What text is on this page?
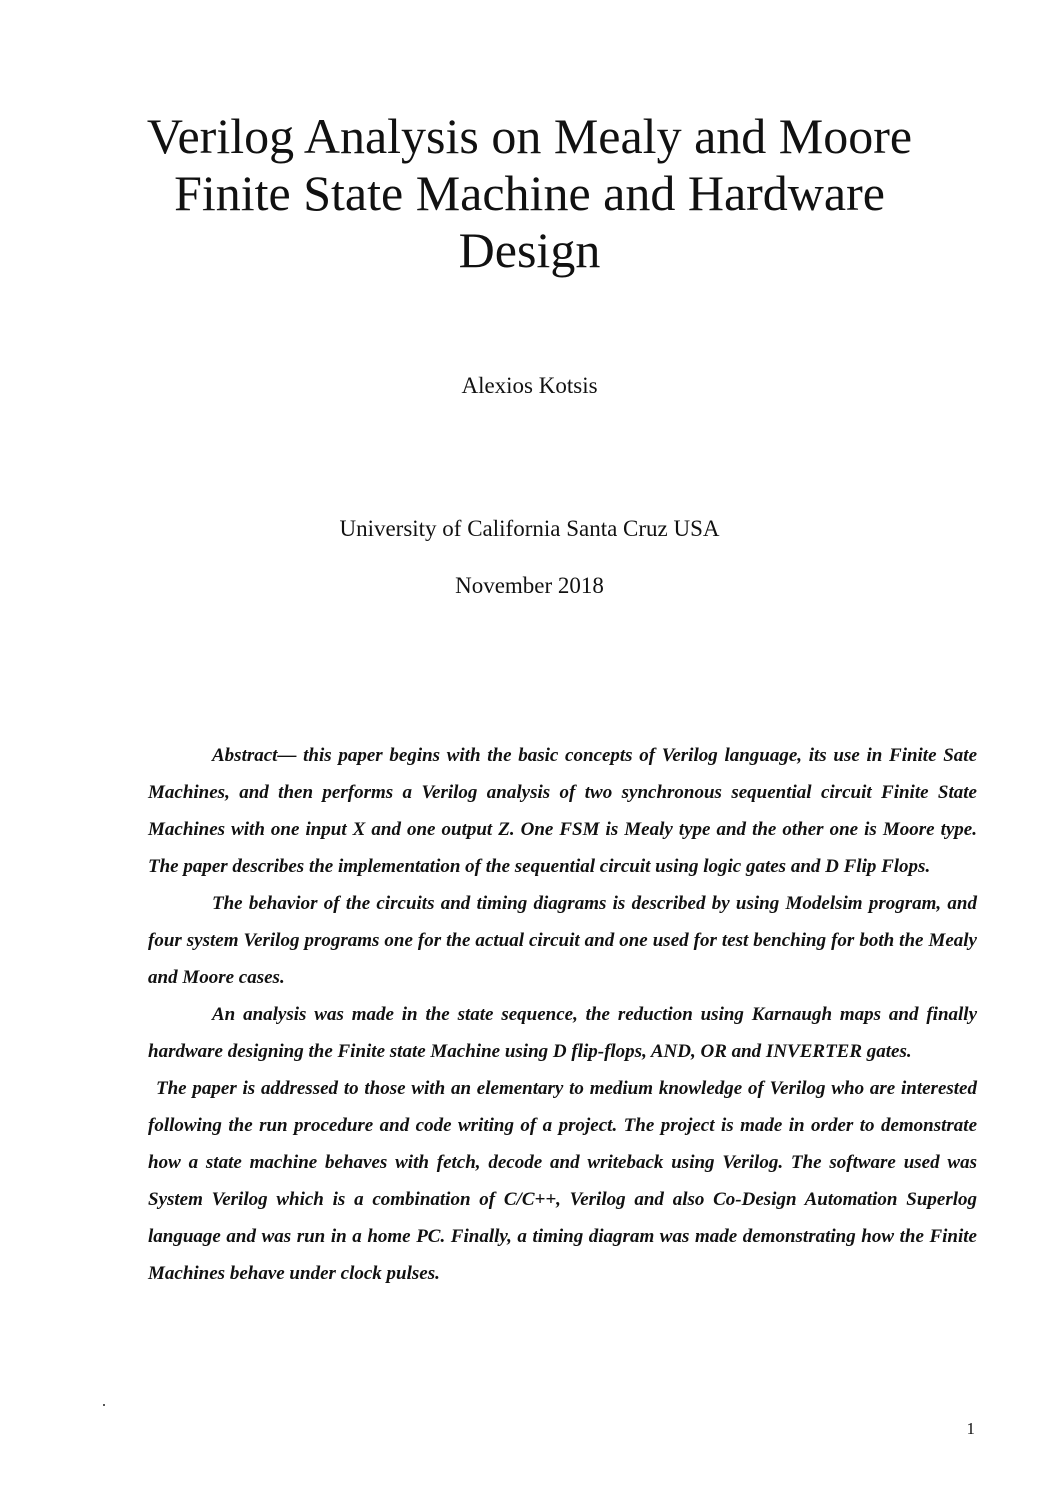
Verilog Analysis on Mealy and Moore Finite State Machine and Hardware Design

Alexios Kotsis

University of California Santa Cruz USA

November 2018

Abstract— this paper begins with the basic concepts of Verilog language, its use in Finite Sate Machines, and then performs a Verilog analysis of two synchronous sequential circuit Finite State Machines with one input X and one output Z. One FSM is Mealy type and the other one is Moore type. The paper describes the implementation of the sequential circuit using logic gates and D Flip Flops.

The behavior of the circuits and timing diagrams is described by using Modelsim program, and four system Verilog programs one for the actual circuit and one used for test benching for both the Mealy and Moore cases.

An analysis was made in the state sequence, the reduction using Karnaugh maps and finally hardware designing the Finite state Machine using D flip-flops, AND, OR and INVERTER gates.

The paper is addressed to those with an elementary to medium knowledge of Verilog who are interested following the run procedure and code writing of a project. The project is made in order to demonstrate how a state machine behaves with fetch, decode and writeback using Verilog. The software used was System Verilog which is a combination of C/C++, Verilog and also Co-Design Automation Superlog language and was run in a home PC. Finally, a timing diagram was made demonstrating how the Finite Machines behave under clock pulses.

1
